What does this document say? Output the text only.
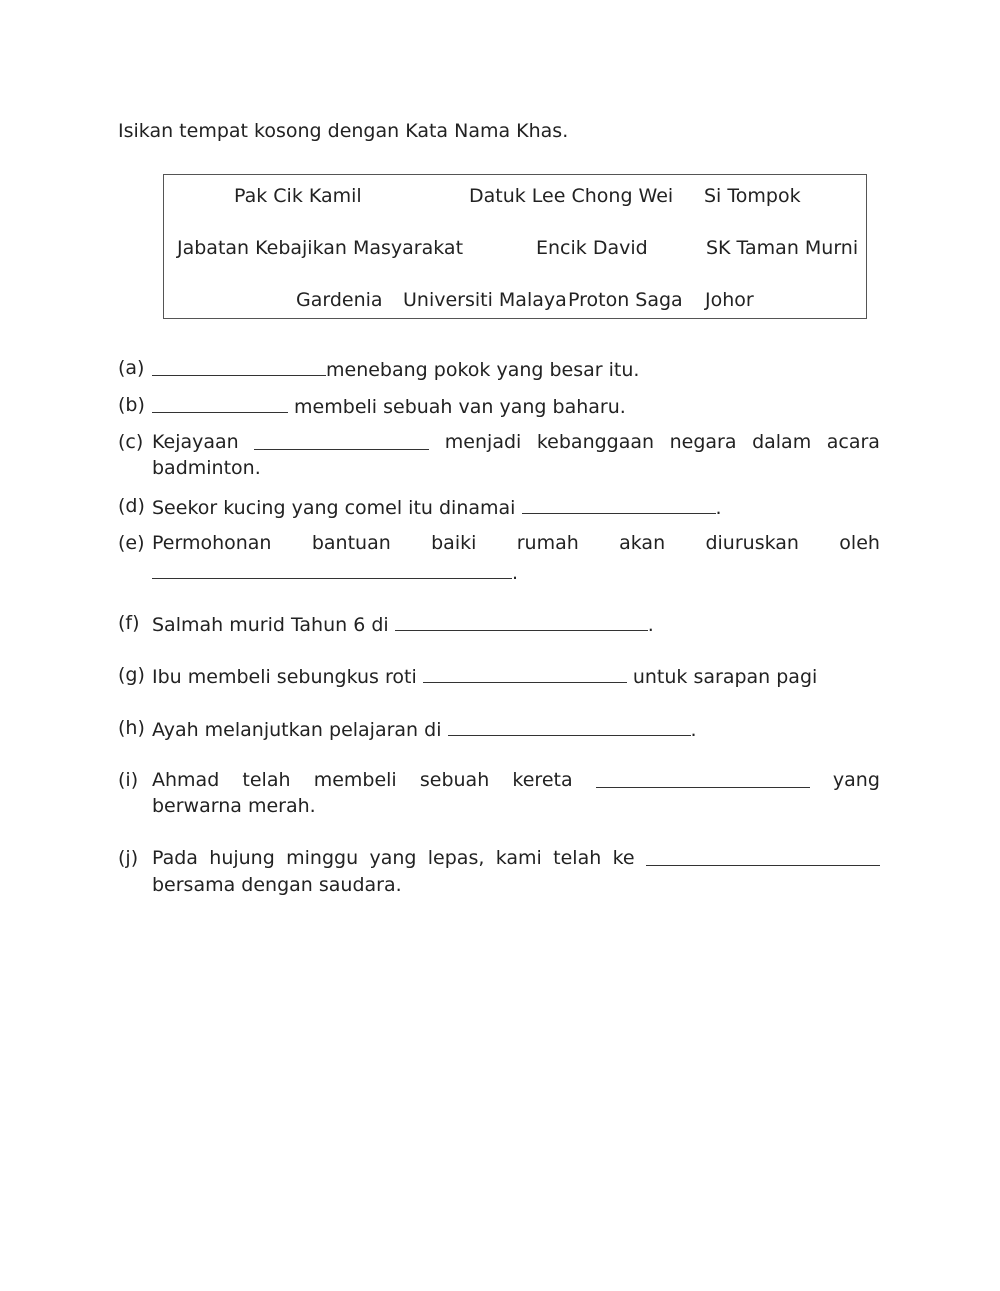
Isikan tempat kosong dengan Kata Nama Khas.
Pak Cik Kamil	Datuk Lee Chong Wei Si Tompok
Jabatan Kebajikan Masyarakat	Encik David	SK Taman Murni
Gardenia Universiti Malaya Proton Saga Johor
(a)	menebang pokok yang besar itu.
(b)	membeli sebuah van yang baharu.
(c) Kejayaan	menjadi kebanggaan negara dalam acara
badminton.
(d) Seekor kucing yang comel itu dinamai	.
(e) Permohonan bantuan baiki rumah akan diuruskan oleh
.
(f) Salmah murid Tahun 6 di	.
(g) Ibu membeli sebungkus roti	untuk sarapan pagi
(h) Ayah melanjutkan pelajaran di	.
(i) Ahmad telah membeli sebuah kereta	yang
berwarna merah.
(j) Pada hujung minggu yang lepas, kami telah ke
bersama dengan saudara.
